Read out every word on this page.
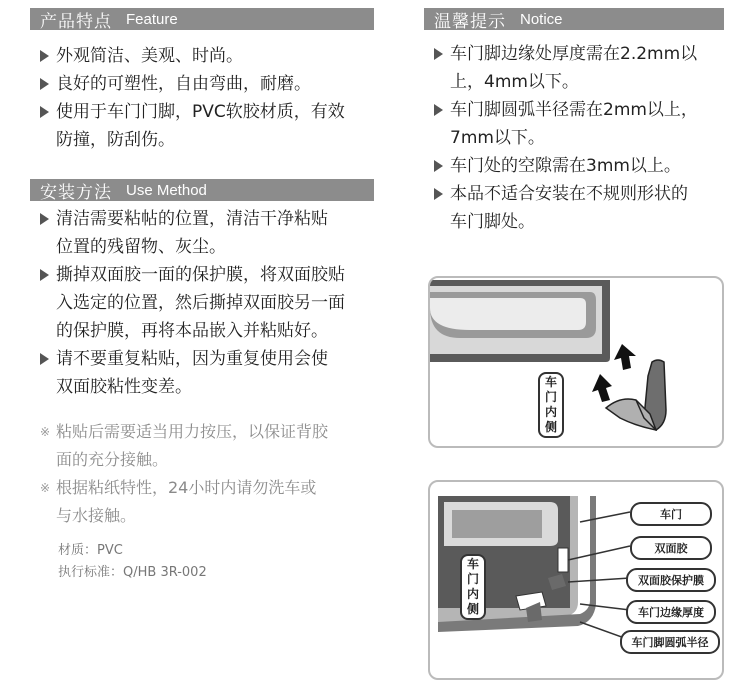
产品特点 Feature
外观简洁、美观、时尚。
良好的可塑性，自由弯曲，耐磨。
使用于车门门脚，PVC软胶材质，有效
防撞，防刮伤。
安装方法 Use Method
清洁需要粘帖的位置，清洁干净粘贴
位置的残留物、灰尘。
撕掉双面胶一面的保护膜，将双面胶贴
入选定的位置，然后撕掉双面胶另一面
的保护膜，再将本品嵌入并粘贴好。
请不要重复粘贴，因为重复使用会使
双面胶粘性变差。
※ 粘贴后需要适当用力按压，以保证背胶
面的充分接触。
※ 根据粘纸特性，24小时内请勿洗车或
与水接触。
材质：PVC
执行标准：Q/HB 3R-002
温馨提示 Notice
车门脚边缘处厚度需在2.2mm以
上，4mm以下。
车门脚圆弧半径需在2mm以上，
7mm以下。
车门处的空隙需在3mm以上。
本品不适合安装在不规则形状的
车门脚处。
车
门
内
侧
车
门
内
侧
车门
双面胶
双面胶保护膜
车门边缘厚度
车门脚圆弧半径
